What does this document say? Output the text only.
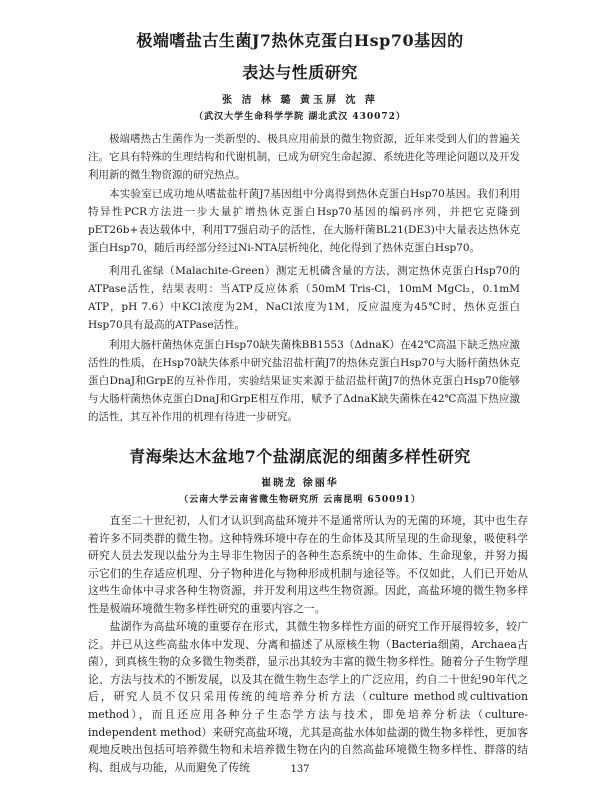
极端嗜盐古生菌J7热休克蛋白Hsp70基因的
表达与性质研究
张 洁 林 璐 黄玉屏 沈 萍
（武汉大学生命科学学院 湖北武汉 430072）

极端嗜热古生菌作为一类新型的、极具应用前景的微生物资源，近年来受到人们的普遍关注。它具有特殊的生理结构和代谢机制，已成为研究生命起源、系统进化等理论问题以及开发利用新的微生物资源的研究热点。

本实验室已成功地从嗜盐盐杆菌J7基因组中分离得到热休克蛋白Hsp70基因。我们利用特异性PCR方法进一步大量扩增热休克蛋白Hsp70基因的编码序列，并把它克隆到pET26b+表达载体中，利用T7强启动子的活性，在大肠杆菌BL21(DE3)中大量表达热休克蛋白Hsp70，随后再经部分经过Ni-NTA层析纯化，纯化得到了热休克蛋白Hsp70。

利用孔雀绿（Malachite-Green）测定无机磷含量的方法，测定热休克蛋白Hsp70的ATPase活性，结果表明：当ATP反应体系（50mM Tris-Cl，10mM MgCl₂，0.1mM ATP，pH 7.6）中KCl浓度为2M，NaCl浓度为1M，反应温度为45℃时，热休克蛋白Hsp70具有最高的ATPase活性。

利用大肠杆菌热休克蛋白Hsp70缺失菌株BB1553（ΔdnaK）在42℃高温下缺乏热应激活性的性质，在Hsp70缺失体系中研究盐沼盐杆菌J7的热休克蛋白Hsp70与大肠杆菌热休克蛋白DnaJ和GrpE的互补作用，实验结果证实来源于盐沼盐杆菌J7的热休克蛋白Hsp70能够与大肠杆菌热休克蛋白DnaJ和GrpE相互作用，赋予了ΔdnaK缺失菌株在42℃高温下热应激的活性，其互补作用的机理有待进一步研究。

青海柴达木盆地7个盐湖底泥的细菌多样性研究
崔晓龙 徐丽华
（云南大学云南省微生物研究所 云南昆明 650091）

直至二十世纪初，人们才认识到高盐环境并不是通常所认为的无菌的环境，其中也生存着许多不同类群的微生物。这种特殊环境中存在的生命体及其所呈现的生命现象，吸使科学研究人员去发现以盐分为主导非生物因子的各种生态系统中的生命体、生命现象，并努力揭示它们的生存适应机理、分子物种进化与物种形成机制与途径等。不仅如此，人们已开始从这些生命体中寻求各种生物资源，并开发利用这些生物资源。因此，高盐环境的微生物多样性是极端环境微生物多样性研究的重要内容之一。

盐湖作为高盐环境的重要存在形式，其微生物多样性方面的研究工作开展得较多，较广泛。并已从这些高盐水体中发现、分离和描述了从原核生物（Bacteria细菌，Archaea古菌），到真核生物的众多微生物类群，显示出其较为丰富的微生物多样性。随着分子生物学理论、方法与技术的不断发展，以及其在微生物生态学上的广泛应用，约自二十世纪90年代之后，研究人员不仅只采用传统的纯培养分析方法（culture method或cultivation method），而且还应用各种分子生态学方法与技术，即免培养分析法（culture-independent method）来研究高盐环境，尤其是高盐水体如盐湖的微生物多样性，更加客观地反映出包括可培养微生物和未培养微生物在内的自然高盐环境微生物多样性、群落的结构、组成与功能，从而避免了传统	137
